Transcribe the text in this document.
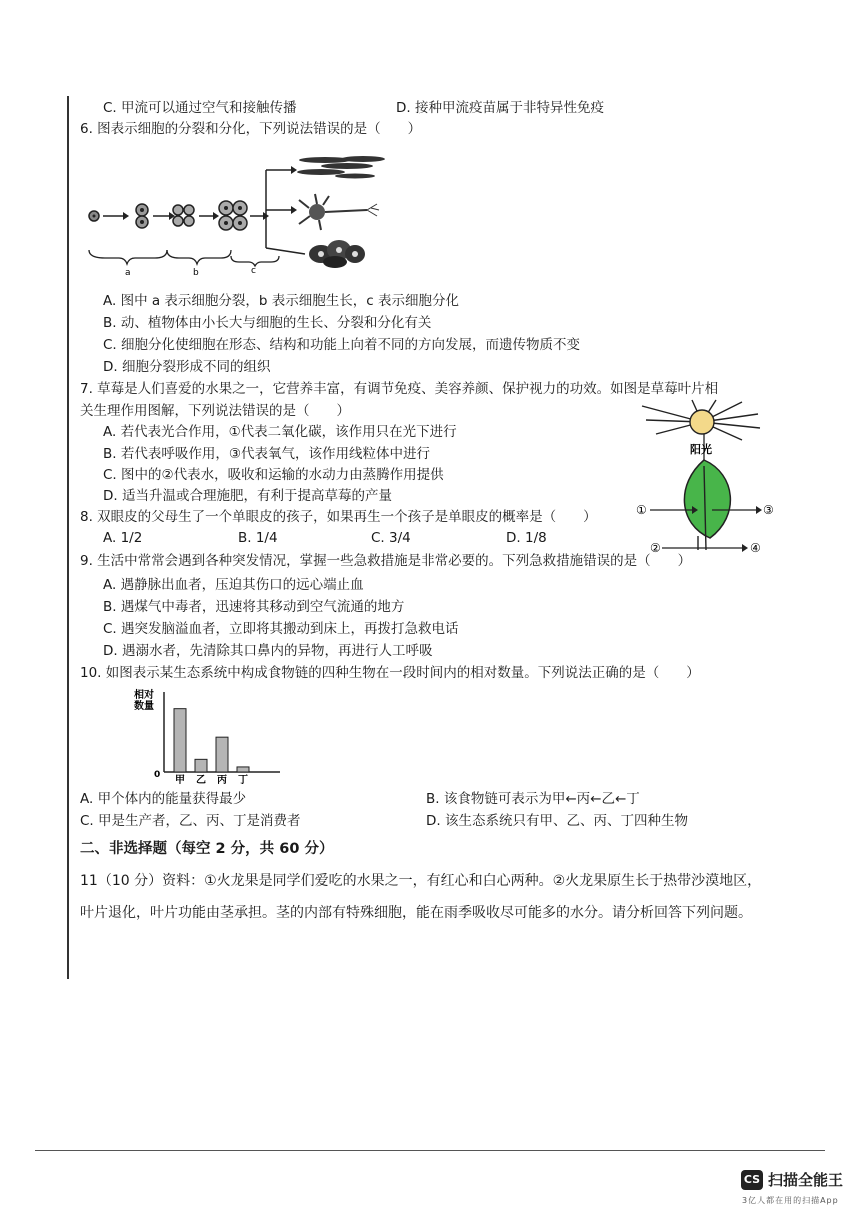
C. 甲流可以通过空气和接触传播	D. 接种甲流疫苗属于非特异性免疫
6. 图表示细胞的分裂和分化，下列说法错误的是（　　）
a	b	c
A. 图中 a 表示细胞分裂，b 表示细胞生长，c 表示细胞分化
B. 动、植物体由小长大与细胞的生长、分裂和分化有关
C. 细胞分化使细胞在形态、结构和功能上向着不同的方向发展，而遗传物质不变
D. 细胞分裂形成不同的组织
7. 草莓是人们喜爱的水果之一，它营养丰富，有调节免疫、美容养颜、保护视力的功效。如图是草莓叶片相
关生理作用图解，下列说法错误的是（　　）
A. 若代表光合作用，①代表二氧化碳，该作用只在光下进行
B. 若代表呼吸作用，③代表氧气，该作用线粒体中进行
C. 图中的②代表水，吸收和运输的水动力由蒸腾作用提供
D. 适当升温或合理施肥，有利于提高草莓的产量
阳光
①
②
③
④
8. 双眼皮的父母生了一个单眼皮的孩子，如果再生一个孩子是单眼皮的概率是（　　）
A. 1/2	B. 1/4	C. 3/4	D. 1/8
9. 生活中常常会遇到各种突发情况，掌握一些急救措施是非常必要的。下列急救措施错误的是（　　）
A. 遇静脉出血者，压迫其伤口的远心端止血
B. 遇煤气中毒者，迅速将其移动到空气流通的地方
C. 遇突发脑溢血者，立即将其搬动到床上，再拨打急救电话
D. 遇溺水者，先清除其口鼻内的异物，再进行人工呼吸
10. 如图表示某生态系统中构成食物链的四种生物在一段时间内的相对数量。下列说法正确的是（　　）
相对数量
0 甲 乙 丙 丁
A. 甲个体内的能量获得最少	B. 该食物链可表示为甲←丙←乙←丁
C. 甲是生产者，乙、丙、丁是消费者	D. 该生态系统只有甲、乙、丙、丁四种生物
二、非选择题（每空 2 分，共 60 分）
11（10 分）资料：①火龙果是同学们爱吃的水果之一，有红心和白心两种。②火龙果原生长于热带沙漠地区，
叶片退化，叶片功能由茎承担。茎的内部有特殊细胞，能在雨季吸收尽可能多的水分。请分析回答下列问题。
CS 扫描全能王
3亿人都在用的扫描App
